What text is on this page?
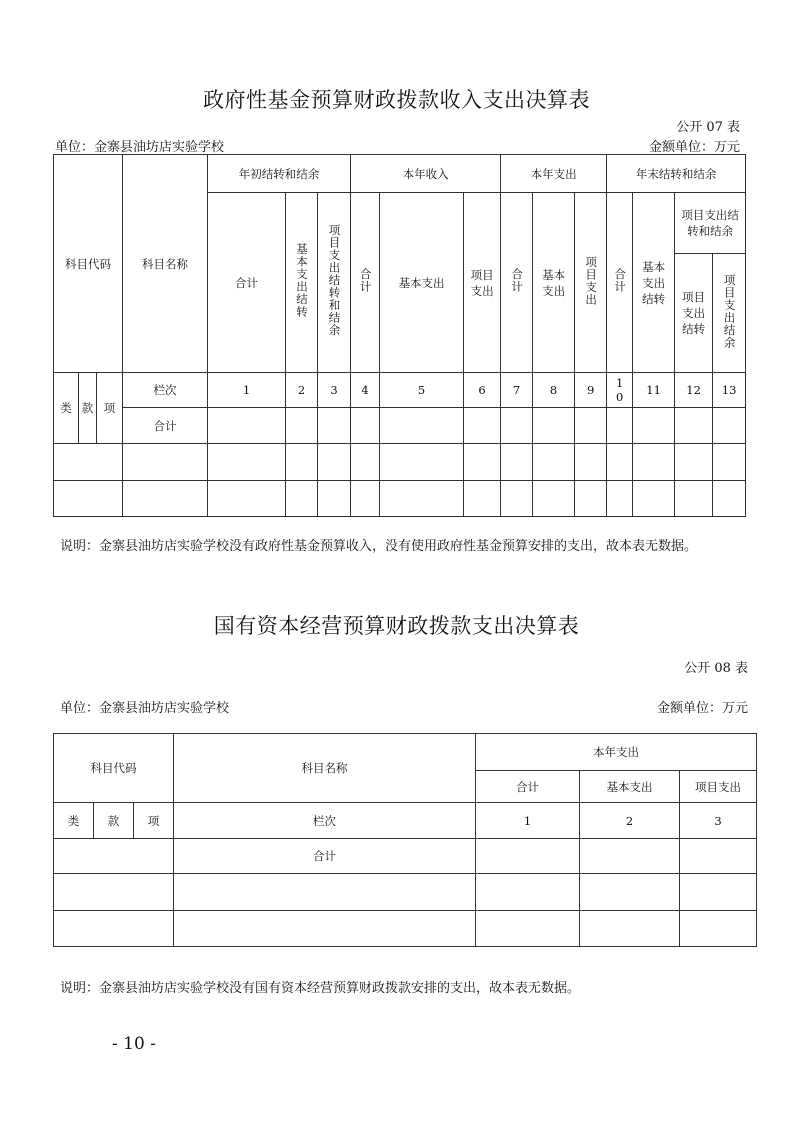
政府性基金预算财政拨款收入支出决算表
公开 07 表
单位：金寨县油坊店实验学校	金额单位：万元
科目代码			科目名称	年初结转和结余			本年收入			本年支出			年末结转和结余			
				合计	基本支出结转	项目支出结转和结余	合计	基本支出	项目支出	合计	基本支出	项目支出	合计	基本支出结转	项目支出结转和结余	
															项目支出结转	项目支出结余
类	款	项	栏次	1	2	3	4	5	6	7	8	9	10	11	12	13
			合计													

说明：金寨县油坊店实验学校没有政府性基金预算收入，没有使用政府性基金预算安排的支出，故本表无数据。
国有资本经营预算财政拨款支出决算表
公开 08 表
单位：金寨县油坊店实验学校	金额单位：万元
科目代码			科目名称	本年支出		
				合计	基本支出	项目支出
类	款	项	栏次	1	2	3
			合计			

说明：金寨县油坊店实验学校没有国有资本经营预算财政拨款安排的支出，故本表无数据。
- 10 -
